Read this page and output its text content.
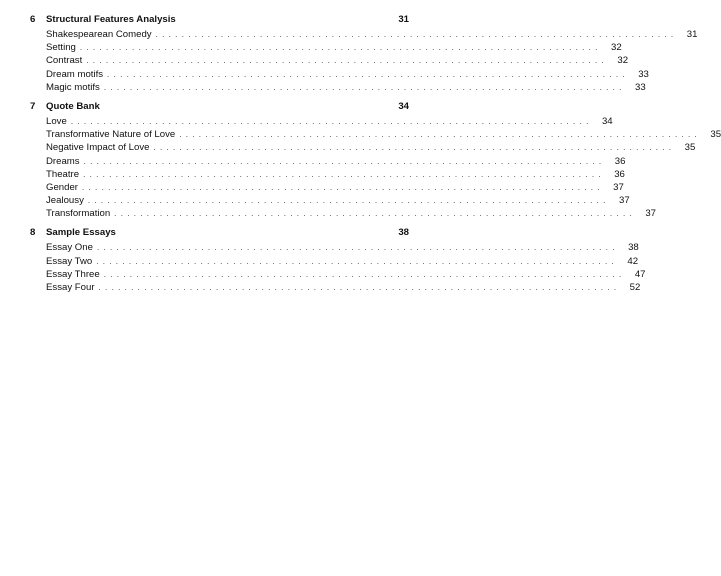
6	Structural Features Analysis	31
Shakespearean Comedy ................................................................................ 31
Setting ................................................................................ 32
Contrast ................................................................................ 32
Dream motifs ................................................................................ 33
Magic motifs ................................................................................ 33
7	Quote Bank	34
Love ................................................................................ 34
Transformative Nature of Love ................................................................................ 35
Negative Impact of Love ................................................................................ 35
Dreams ................................................................................ 36
Theatre ................................................................................ 36
Gender ................................................................................ 37
Jealousy ................................................................................ 37
Transformation ................................................................................ 37
8	Sample Essays	38
Essay One ................................................................................ 38
Essay Two ................................................................................ 42
Essay Three ................................................................................ 47
Essay Four ................................................................................ 52
